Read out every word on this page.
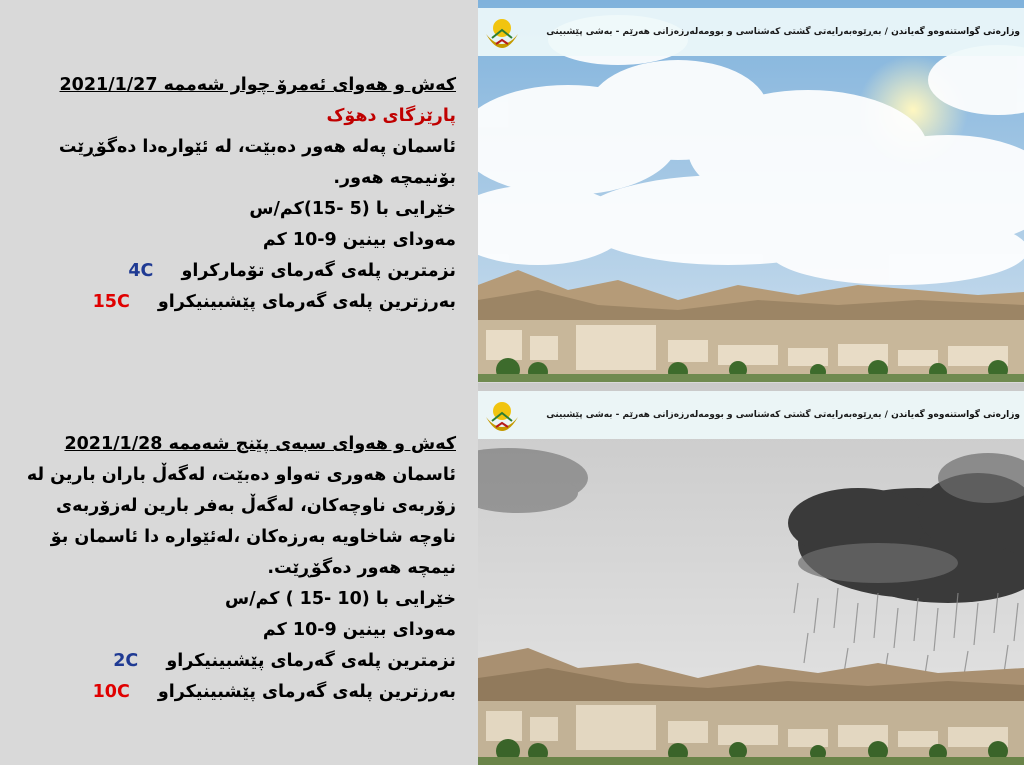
کەش و هەوای ئەمرۆ چوار شەممە 2021/1/27
پارێزگای دهۆک
ئاسمان پەلە هەور دەبێت، لە ئێوارەدا دەگۆڕێت بۆنیمچە هەور.
خێرایی با (5 -15)کم/س
مەودای بینین 9-10 کم
نزمترین پلەی گەرمای تۆمارکراو 4C
بەرزترین پلەی گەرمای پێشبینیکراو 15C
کەش و هەوای سبەی پێنج شەممە 2021/1/28
ئاسمان هەوری تەواو دەبێت، لەگەڵ باران بارین لە زۆربەی ناوچەکان، لەگەڵ بەفر بارین لەزۆربەی ناوچە شاخاویە بەرزەکان ،لەئێوارە دا ئاسمان بۆ نیمچە هەور دەگۆڕێت.
خێرایی با (10 -15 ) کم/س
مەودای بینین 9-10 کم
نزمترین پلەی گەرمای پێشبینیکراو 2C
بەرزترین پلەی گەرمای پێشبینیکراو 10C
وزارەتی گواستنەوەو گەیاندن / بەڕێوەبەرایەتی گشتی کەشناسی و بوومەلەرزەزانی هەرێم - بەشی پێشبینی
وزارەتی گواستنەوەو گەیاندن / بەڕێوەبەرایەتی گشتی کەشناسی و بوومەلەرزەزانی هەرێم - بەشی پێشبینی
